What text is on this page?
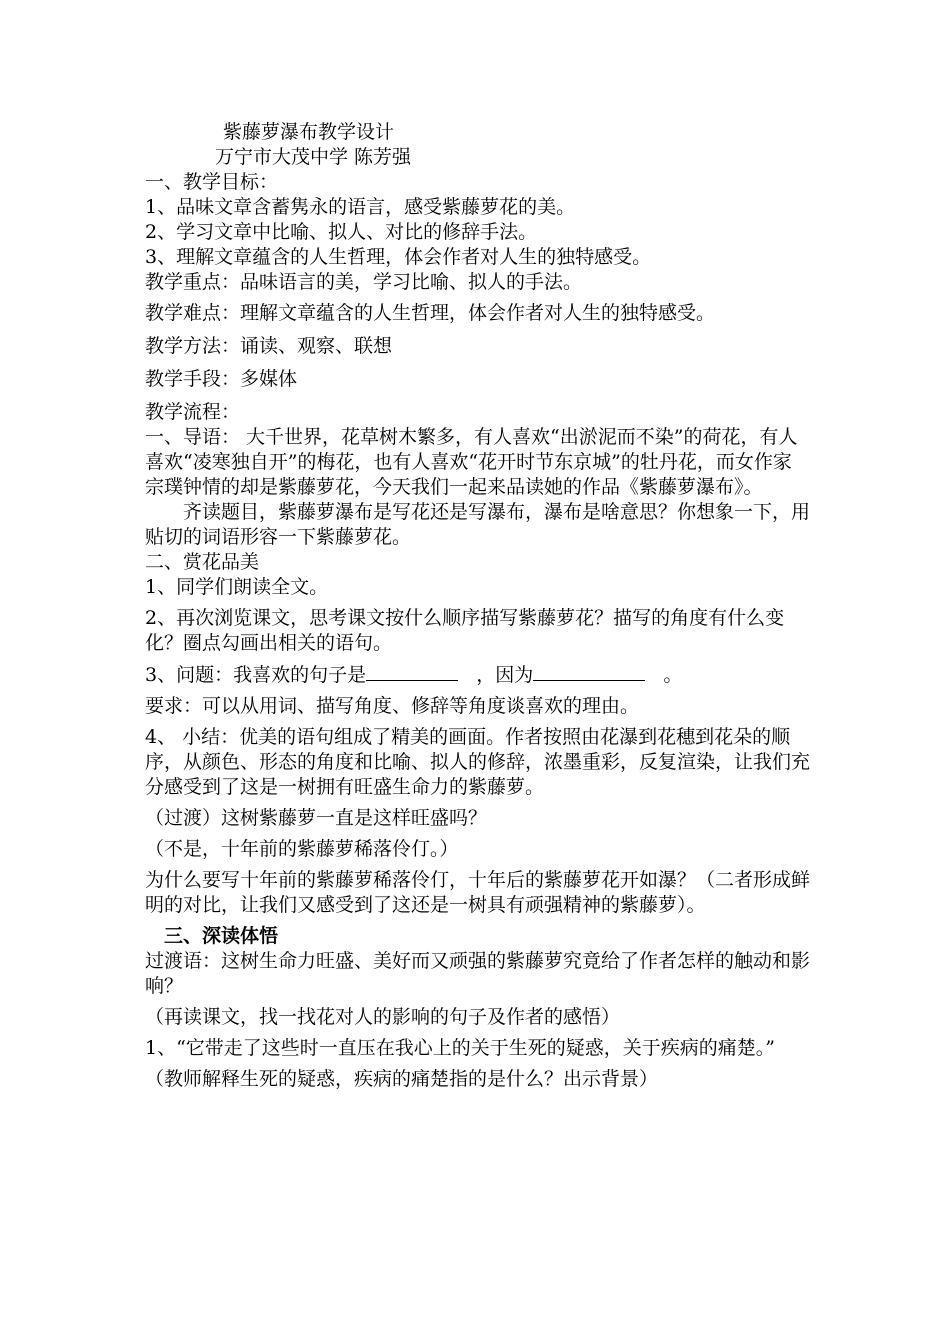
紫藤萝瀑布教学设计

万宁市大茂中学 陈芳强

一、教学目标：

1、品味文章含蓄隽永的语言，感受紫藤萝花的美。

2、学习文章中比喻、拟人、对比的修辞手法。

3、理解文章蕴含的人生哲理，体会作者对人生的独特感受。

教学重点：品味语言的美，学习比喻、拟人的手法。

教学难点：理解文章蕴含的人生哲理，体会作者对人生的独特感受。

教学方法：诵读、观察、联想

教学手段：多媒体

教学流程：

一、导语： 大千世界，花草树木繁多，有人喜欢“出淤泥而不染”的荷花，有人喜欢“凌寒独自开”的梅花，也有人喜欢“花开时节东京城”的牡丹花，而女作家宗璞钟情的却是紫藤萝花，今天我们一起来品读她的作品《紫藤萝瀑布》。

齐读题目，紫藤萝瀑布是写花还是写瀑布，瀑布是啥意思？你想象一下，用贴切的词语形容一下紫藤萝花。

二、赏花品美

1、同学们朗读全文。

2、再次浏览课文，思考课文按什么顺序描写紫藤萝花？描写的角度有什么变化？圈点勾画出相关的语句。

3、问题：我喜欢的句子是	，因为	。

要求：可以从用词、描写角度、修辞等角度谈喜欢的理由。

4、 小结：优美的语句组成了精美的画面。作者按照由花瀑到花穗到花朵的顺序，从颜色、形态的角度和比喻、拟人的修辞，浓墨重彩，反复渲染，让我们充分感受到了这是一树拥有旺盛生命力的紫藤萝。

（过渡）这树紫藤萝一直是这样旺盛吗？

（不是，十年前的紫藤萝稀落伶仃。）

为什么要写十年前的紫藤萝稀落伶仃，十年后的紫藤萝花开如瀑？（二者形成鲜明的对比，让我们又感受到了这还是一树具有顽强精神的紫藤萝）。

三、深读体悟

过渡语：这树生命力旺盛、美好而又顽强的紫藤萝究竟给了作者怎样的触动和影响？

（再读课文，找一找花对人的影响的句子及作者的感悟）

1、“它带走了这些时一直压在我心上的关于生死的疑惑，关于疾病的痛楚。”

（教师解释生死的疑惑，疾病的痛楚指的是什么？出示背景）
